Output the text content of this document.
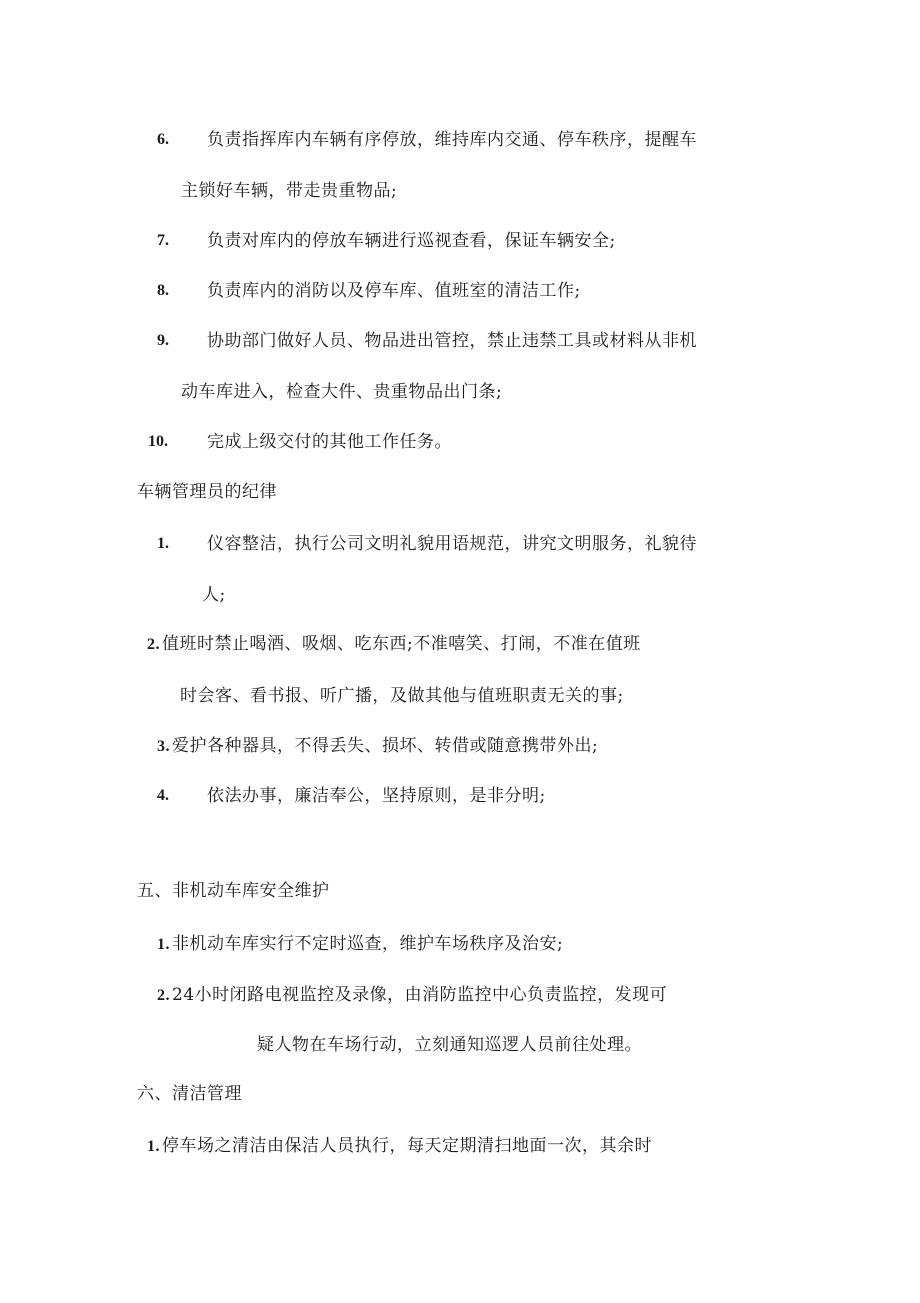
6. 负责指挥库内车辆有序停放，维持库内交通、停车秩序，提醒车
主锁好车辆，带走贵重物品;
7. 负责对库内的停放车辆进行巡视查看，保证车辆安全;
8. 负责库内的消防以及停车库、值班室的清洁工作;
9. 协助部门做好人员、物品进出管控，禁止违禁工具或材料从非机
动车库进入，检查大件、贵重物品出门条;
10. 完成上级交付的其他工作任务。
车辆管理员的纪律
1. 仪容整洁，执行公司文明礼貌用语规范，讲究文明服务，礼貌待
人;
2. 值班时禁止喝酒、吸烟、吃东西;不准嘻笑、打闹，不准在值班
时会客、看书报、听广播，及做其他与值班职责无关的事;
3. 爱护各种器具，不得丢失、损坏、转借或随意携带外出;
4. 依法办事，廉洁奉公，坚持原则，是非分明;
五、非机动车库安全维护
1. 非机动车库实行不定时巡查，维护车场秩序及治安;
2. 24小时闭路电视监控及录像，由消防监控中心负责监控，发现可
疑人物在车场行动，立刻通知巡逻人员前往处理。
六、清洁管理
1. 停车场之清洁由保洁人员执行，每天定期清扫地面一次，其余时
